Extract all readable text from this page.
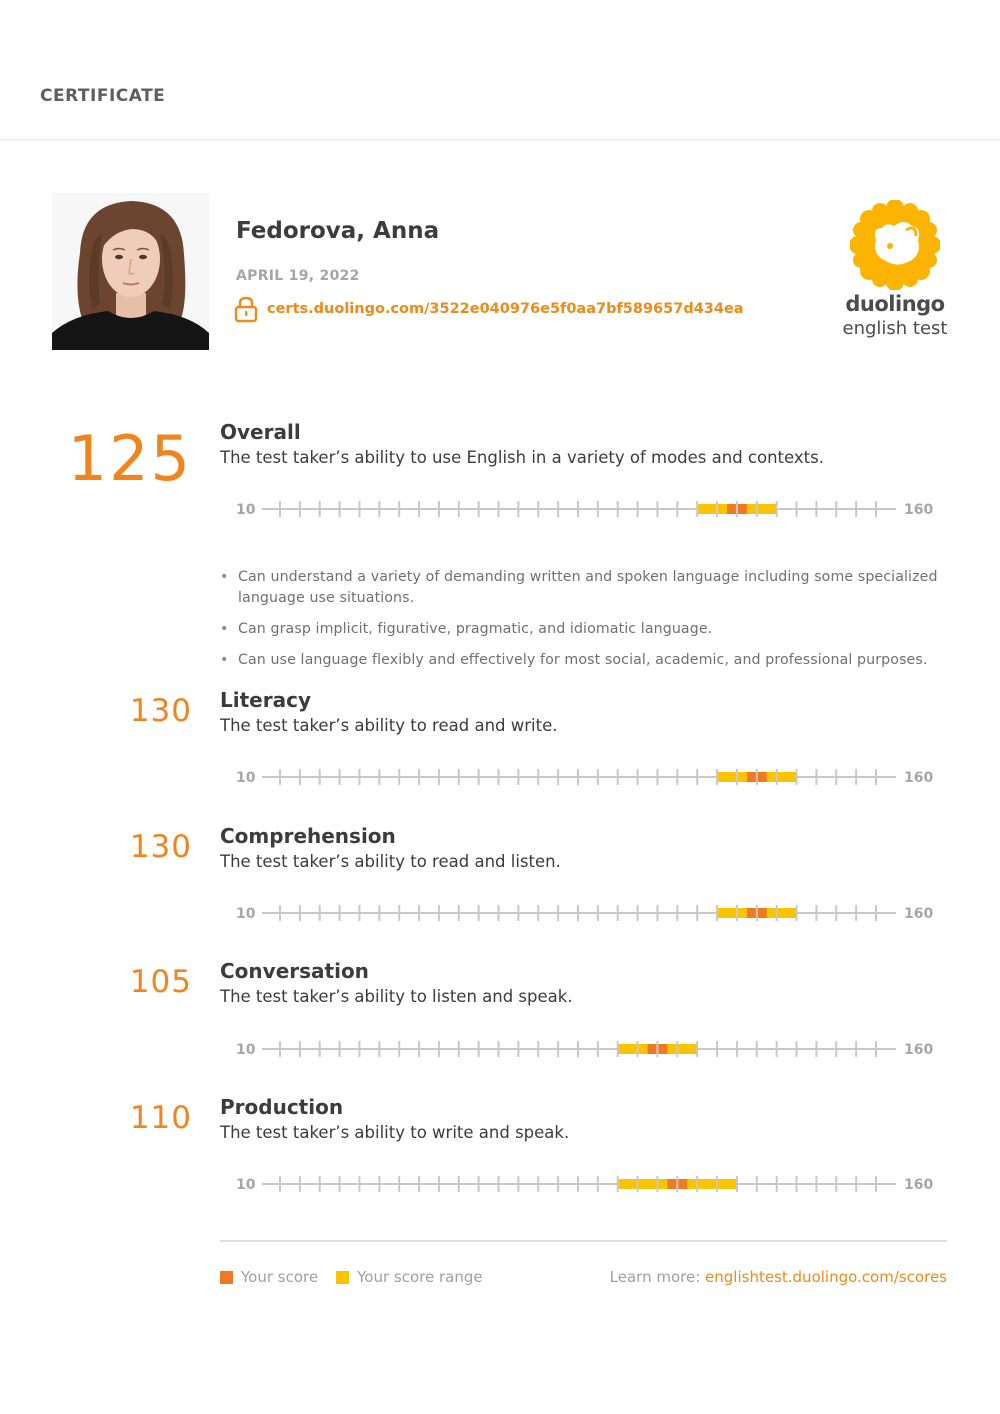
CERTIFICATE
Fedorova, Anna
APRIL 19, 2022
certs.duolingo.com/3522e040976e5f0aa7bf589657d434ea	duolingo
english test
125 Overall
The test taker’s ability to use English in a variety of modes and contexts.
10	160
• Can understand a variety of demanding written and spoken language including some specialized language use situations.
• Can grasp implicit, figurative, pragmatic, and idiomatic language.
• Can use language flexibly and effectively for most social, academic, and professional purposes.
130 Literacy
The test taker’s ability to read and write.
10	160
130 Comprehension
The test taker’s ability to read and listen.
10	160
105 Conversation
The test taker’s ability to listen and speak.
10	160
110 Production
The test taker’s ability to write and speak.
10	160
Your score	Your score range	Learn more: englishtest.duolingo.com/scores
